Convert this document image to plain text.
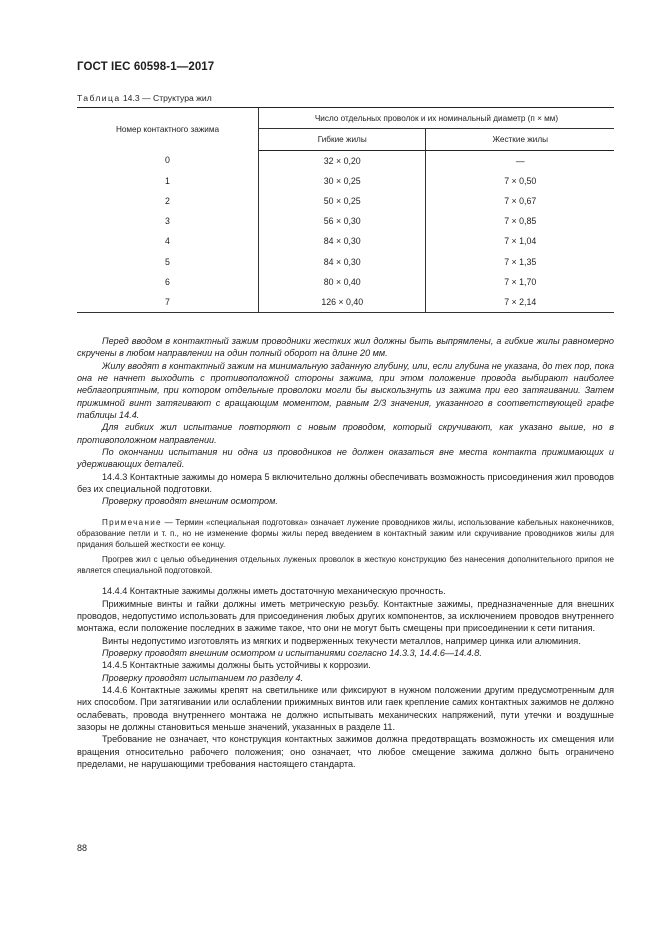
ГОСТ IEC 60598-1—2017
Таблица 14.3 — Структура жил
Номер контактного зажима	Число отдельных проволок и их номинальный диаметр (п × мм)	
	Гибкие жилы	Жесткие жилы
0	32 × 0,20	—
1	30 × 0,25	7 × 0,50
2	50 × 0,25	7 × 0,67
3	56 × 0,30	7 × 0,85
4	84 × 0,30	7 × 1,04
5	84 × 0,30	7 × 1,35
6	80 × 0,40	7 × 1,70
7	126 × 0,40	7 × 2,14

Перед вводом в контактный зажим проводники жестких жил должны быть выпрямлены, а гибкие жилы равномерно скручены в любом направлении на один полный оборот на длине 20 мм.

Жилу вводят в контактный зажим на минимальную заданную глубину, или, если глубина не указана, до тех пор, пока она не начнет выходить с противоположной стороны зажима, при этом положение провода выбирают наиболее неблагоприятным, при котором отдельные проволоки могли бы выскользнуть из зажима при его затягивании. Затем прижимной винт затягивают с вращающим моментом, равным 2/3 значения, указанного в соответствующей графе таблицы 14.4.

Для гибких жил испытание повторяют с новым проводом, который скручивают, как указано выше, но в противоположном направлении.

По окончании испытания ни одна из проводников не должен оказаться вне места контакта прижимающих и удерживающих деталей.

14.4.3 Контактные зажимы до номера 5 включительно должны обеспечивать возможность присоединения жил проводов без их специальной подготовки.

Проверку проводят внешним осмотром.

Примечание — Термин «специальная подготовка» означает лужение проводников жилы, использование кабельных наконечников, образование петли и т. п., но не изменение формы жилы перед введением в контактный зажим или скручивание проводников жилы для придания большей жесткости ее концу.

Прогрев жил с целью объединения отдельных луженых проволок в жесткую конструкцию без нанесения дополнительного припоя не является специальной подготовкой.

14.4.4 Контактные зажимы должны иметь достаточную механическую прочность.

Прижимные винты и гайки должны иметь метрическую резьбу. Контактные зажимы, предназначенные для внешних проводов, недопустимо использовать для присоединения любых других компонентов, за исключением проводов внутреннего монтажа, если положение последних в зажиме такое, что они не могут быть смещены при присоединении к сети питания.

Винты недопустимо изготовлять из мягких и подверженных текучести металлов, например цинка или алюминия.

Проверку проводят внешним осмотром и испытаниями согласно 14.3.3, 14.4.6—14.4.8.

14.4.5 Контактные зажимы должны быть устойчивы к коррозии.

Проверку проводят испытанием по разделу 4.

14.4.6 Контактные зажимы крепят на светильнике или фиксируют в нужном положении другим предусмотренным для них способом. При затягивании или ослаблении прижимных винтов или гаек крепление самих контактных зажимов не должно ослабевать, провода внутреннего монтажа не должно испытывать механических напряжений, пути утечки и воздушные зазоры не должны становиться меньше значений, указанных в разделе 11.

Требование не означает, что конструкция контактных зажимов должна предотвращать возможность их смещения или вращения относительно рабочего положения; оно означает, что любое смещение зажима должно быть ограничено пределами, не нарушающими требования настоящего стандарта.

88
